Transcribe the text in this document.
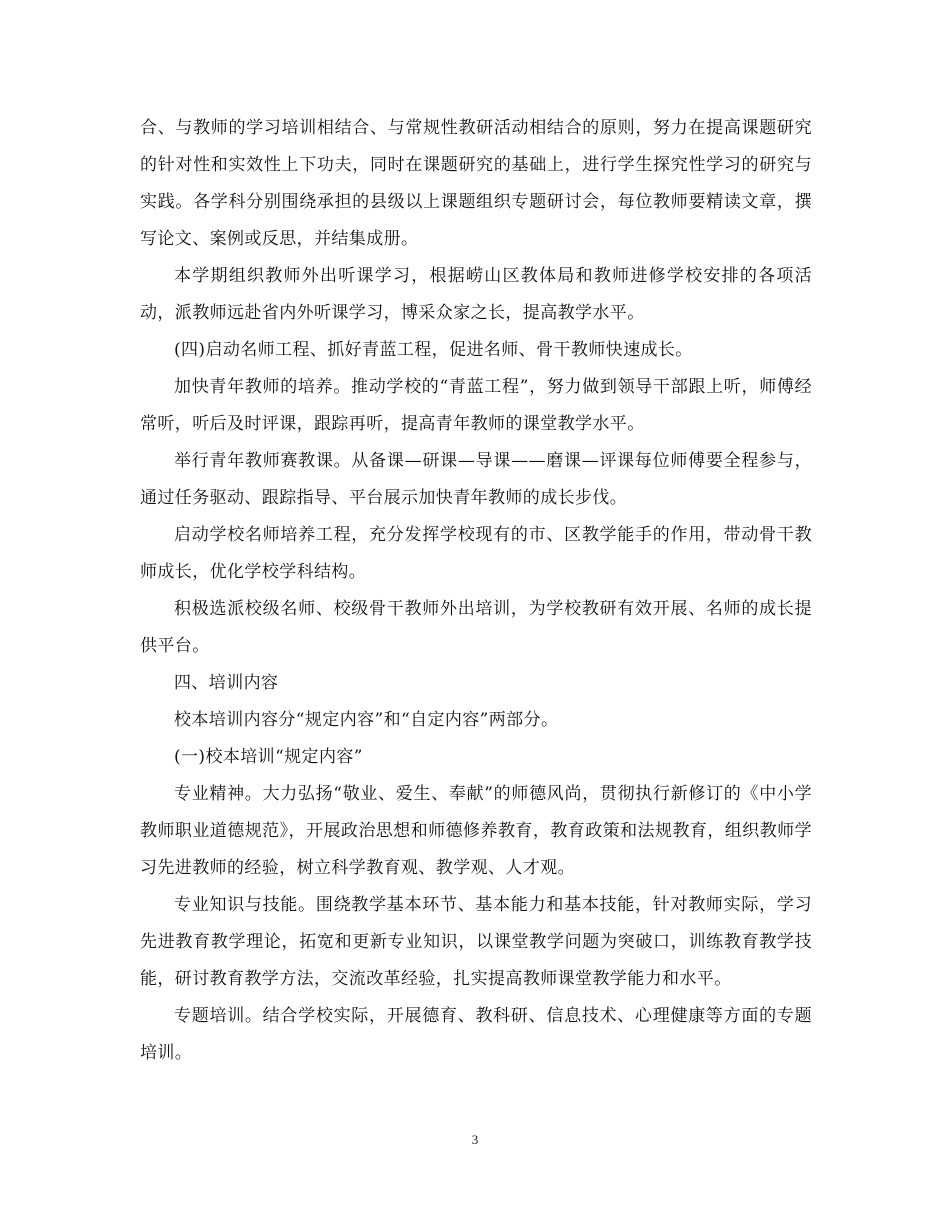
合、与教师的学习培训相结合、与常规性教研活动相结合的原则，努力在提高课题研究的针对性和实效性上下功夫，同时在课题研究的基础上，进行学生探究性学习的研究与实践。各学科分别围绕承担的县级以上课题组织专题研讨会，每位教师要精读文章，撰写论文、案例或反思，并结集成册。

本学期组织教师外出听课学习，根据崂山区教体局和教师进修学校安排的各项活动，派教师远赴省内外听课学习，博采众家之长，提高教学水平。

(四)启动名师工程、抓好青蓝工程，促进名师、骨干教师快速成长。

加快青年教师的培养。推动学校的“青蓝工程”，努力做到领导干部跟上听，师傅经常听，听后及时评课，跟踪再听，提高青年教师的课堂教学水平。

举行青年教师赛教课。从备课—研课—导课——磨课—评课每位师傅要全程参与，通过任务驱动、跟踪指导、平台展示加快青年教师的成长步伐。

启动学校名师培养工程，充分发挥学校现有的市、区教学能手的作用，带动骨干教师成长，优化学校学科结构。

积极选派校级名师、校级骨干教师外出培训，为学校教研有效开展、名师的成长提供平台。

四、培训内容

校本培训内容分“规定内容”和“自定内容”两部分。

(一)校本培训“规定内容”

专业精神。大力弘扬“敬业、爱生、奉献”的师德风尚，贯彻执行新修订的《中小学教师职业道德规范》，开展政治思想和师德修养教育，教育政策和法规教育，组织教师学习先进教师的经验，树立科学教育观、教学观、人才观。

专业知识与技能。围绕教学基本环节、基本能力和基本技能，针对教师实际，学习先进教育教学理论，拓宽和更新专业知识，以课堂教学问题为突破口，训练教育教学技能，研讨教育教学方法，交流改革经验，扎实提高教师课堂教学能力和水平。

专题培训。结合学校实际，开展德育、教科研、信息技术、心理健康等方面的专题培训。

3
